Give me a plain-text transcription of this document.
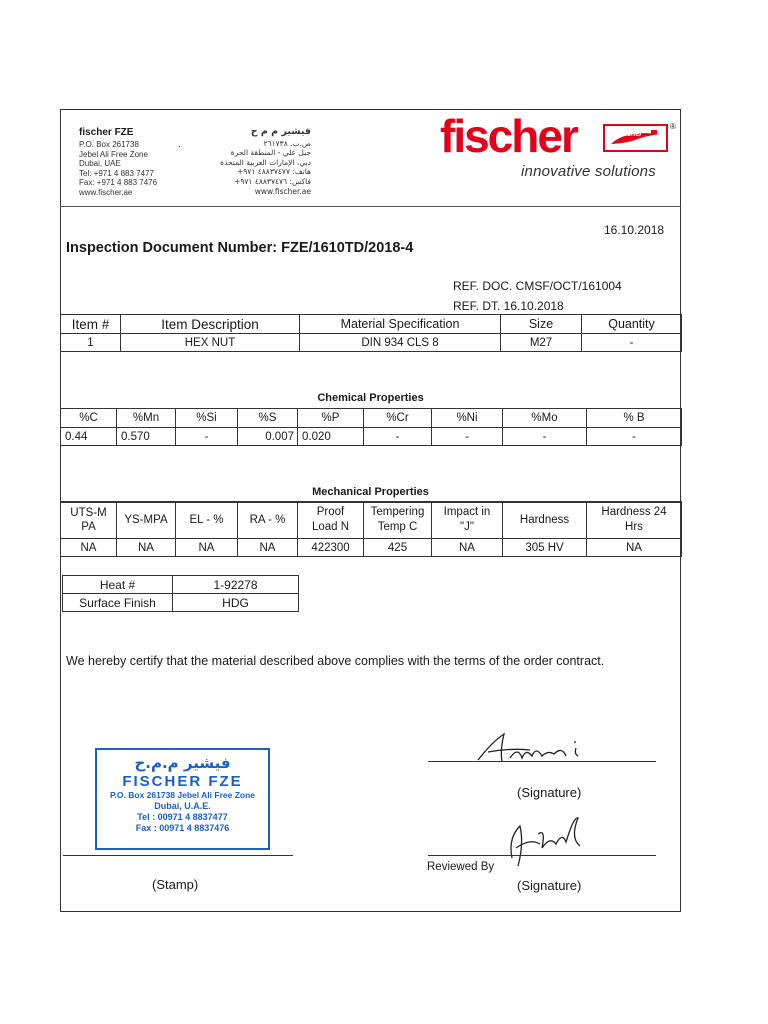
fischer FZE
P.O. Box 261738
Jebel Ali Free Zone
Dubai, UAE
Tel: +971 4 883 7477
Fax: +971 4 883 7476
www.fischer.ae
·
فيشير م م ح
ص.ب. ٢٦١٧٣٨
جبل علي - المنطقة الحرة
دبي، الإمارات العربية المتحدة
هاتف: ٤٨٨٣٧٤٧٧ ٩٧١+
فاكس: ٤٨٨٣٧٤٧٦ ٩٧١+
www.fischer.ae
fischer	fischer
®
innovative solutions
16.10.2018
Inspection Document Number: FZE/1610TD/2018-4
REF. DOC. CMSF/OCT/161004
REF. DT. 16.10.2018
Item #	Item Description	Material Specification	Size	Quantity
1	HEX NUT	DIN 934 CLS 8	M27	-
Chemical Properties
%C	%Mn	%Si	%S	%P	%Cr	%Ni	%Mo	% B
0.44	0.570	-	0.007	0.020	-	-	-	-
Mechanical Properties
UTS-MPA	YS-MPA	EL - %	RA - %	Proof Load N	Tempering Temp C	Impact in "J"	Hardness	Hardness 24 Hrs
NA	NA	NA	NA	422300	425	NA	305 HV	NA
Heat #	1-92278
Surface Finish	HDG
We hereby certify that the material described above complies with the terms of the order contract.
فيشير م.م.ح
FISCHER FZE
P.O. Box 261738 Jebel Ali Free Zone
Dubai, U.A.E.
Tel : 00971 4 8837477
Fax : 00971 4 8837476
(Stamp)
(Signature)
Reviewed By
(Signature)
